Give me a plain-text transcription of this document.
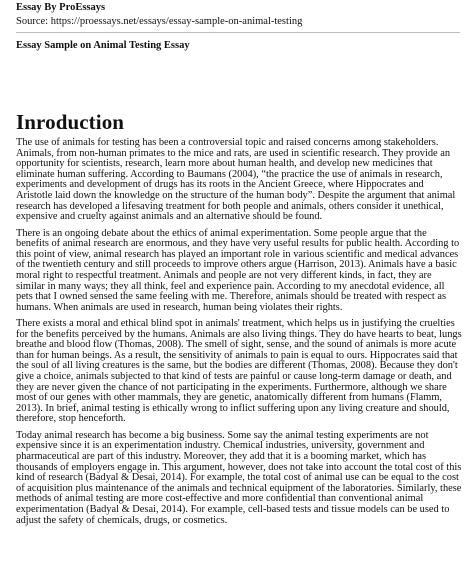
Essay By ProEssays

Source: https://proessays.net/essays/essay-sample-on-animal-testing

Essay Sample on Animal Testing Essay

Inroduction

The use of animals for testing has been a controversial topic and raised concerns among stakeholders. Animals, from non-human primates to the mice and rats, are used in scientific research. They provide an opportunity for scientists, research, learn more about human health, and develop new medicines that eliminate human suffering. According to Baumans (2004), “the practice the use of animals in research, experiments and development of drugs has its roots in the Ancient Greece, where Hippocrates and Aristotle laid down the knowledge on the structure of the human body”. Despite the argument that animal research has developed a lifesaving treatment for both people and animals, others consider it unethical, expensive and cruelty against animals and an alternative should be found.

There is an ongoing debate about the ethics of animal experimentation. Some people argue that the benefits of animal research are enormous, and they have very useful results for public health. According to this point of view, animal research has played an important role in various scientific and medical advances of the twentieth century and still proceeds to improve others argue (Harrison, 2013). Animals have a basic moral right to respectful treatment. Animals and people are not very different kinds, in fact, they are similar in many ways; they all think, feel and experience pain. According to my anecdotal evidence, all pets that I owned sensed the same feeling with me. Therefore, animals should be treated with respect as humans. When animals are used in research, human being violates their rights.

There exists a moral and ethical blind spot in animals' treatment, which helps us in justifying the cruelties for the benefits perceived by the humans. Animals are also living things. They do have hearts to beat, lungs breathe and blood flow (Thomas, 2008). The smell of sight, sense, and the sound of animals is more acute than for human beings. As a result, the sensitivity of animals to pain is equal to ours. Hippocrates said that the soul of all living creatures is the same, but the bodies are different (Thomas, 2008). Because they don't give a choice, animals subjected to that kind of tests are painful or cause long-term damage or death, and they are never given the chance of not participating in the experiments. Furthermore, although we share most of our genes with other mammals, they are genetic, anatomically different from humans (Flamm, 2013). In brief, animal testing is ethically wrong to inflict suffering upon any living creature and should, therefore, stop henceforth.

Today animal research has become a big business. Some say the animal testing experiments are not expensive since it is an experimentation industry. Chemical industries, university, government and pharmaceutical are part of this industry. Moreover, they add that it is a booming market, which has thousands of employers engage in. This argument, however, does not take into account the total cost of this kind of research (Badyal & Desai, 2014). For example, the total cost of animal use can be equal to the cost of acquisition plus maintenance of the animals and technical equipment of the laboratories. Similarly, these methods of animal testing are more cost-effective and more confidential than conventional animal experimentation (Badyal & Desai, 2014). For example, cell-based tests and tissue models can be used to adjust the safety of chemicals, drugs, or cosmetics.
